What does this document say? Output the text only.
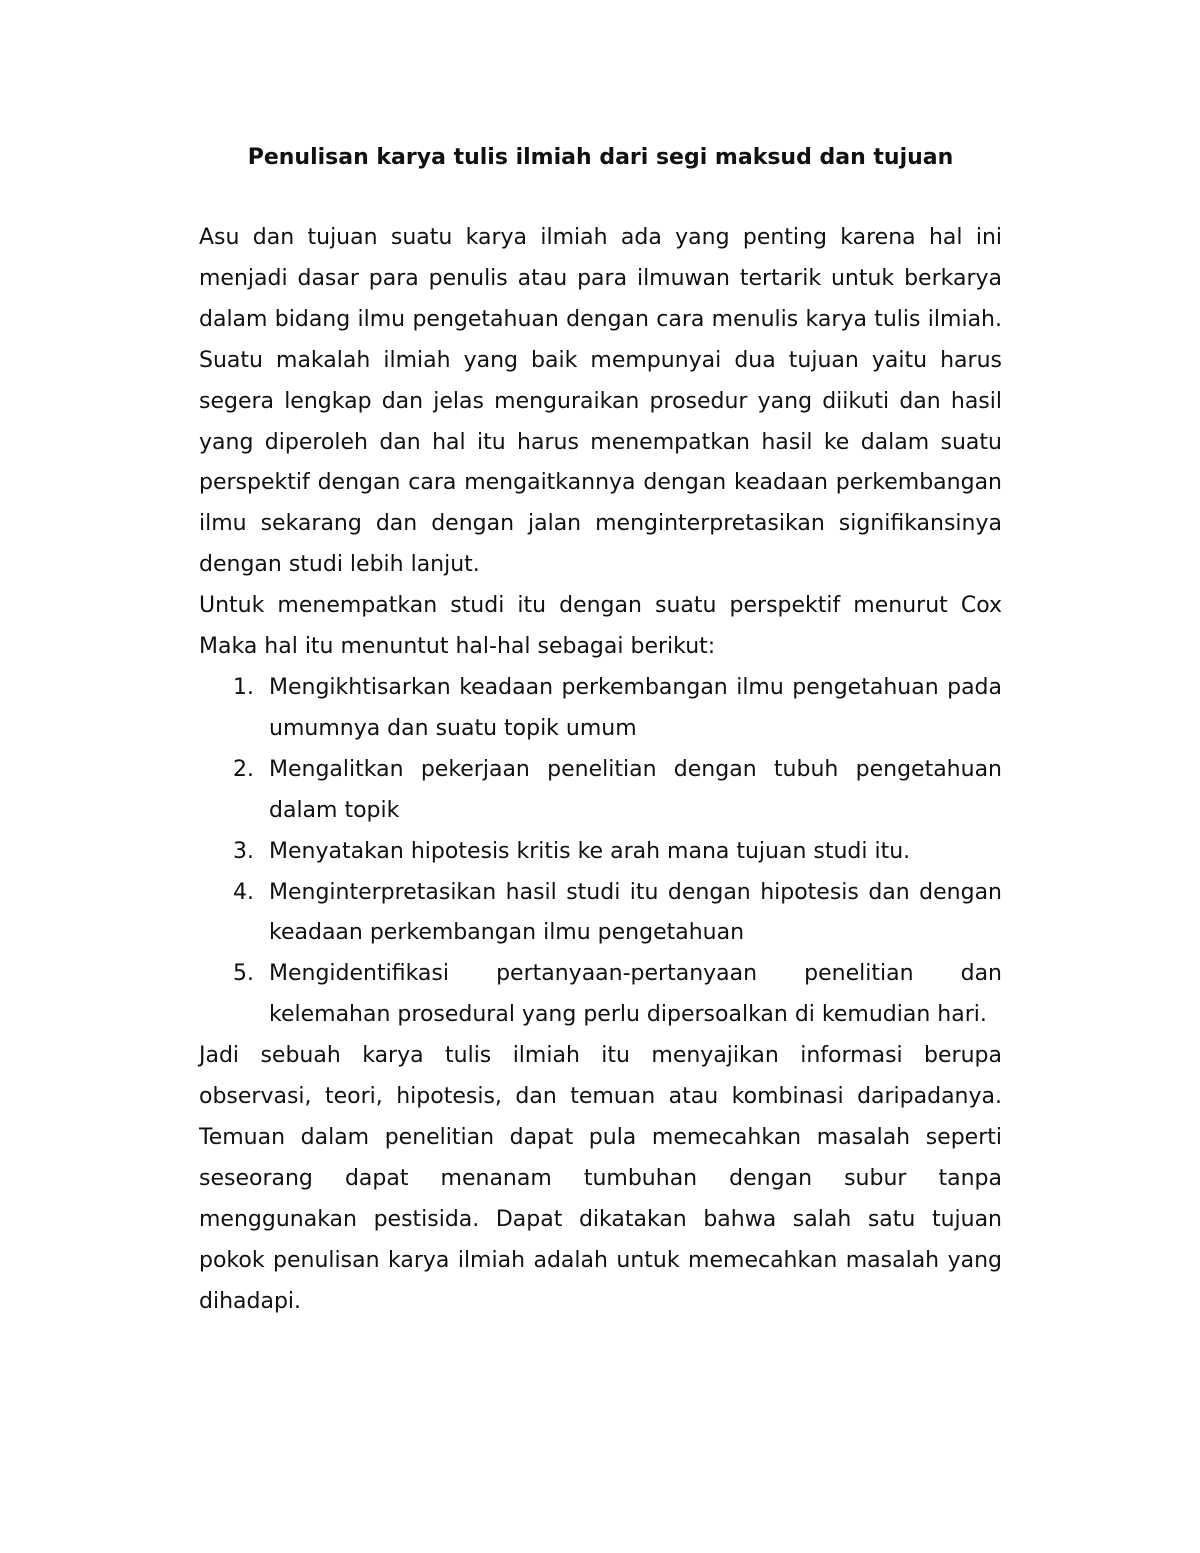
Penulisan karya tulis ilmiah dari segi maksud dan tujuan

Asu dan tujuan suatu karya ilmiah ada yang penting karena hal ini menjadi dasar para penulis atau para ilmuwan tertarik untuk berkarya dalam bidang ilmu pengetahuan dengan cara menulis karya tulis ilmiah. Suatu makalah ilmiah yang baik mempunyai dua tujuan yaitu harus segera lengkap dan jelas menguraikan prosedur yang diikuti dan hasil yang diperoleh dan hal itu harus menempatkan hasil ke dalam suatu perspektif dengan cara mengaitkannya dengan keadaan perkembangan ilmu sekarang dan dengan jalan menginterpretasikan signifikansinya dengan studi lebih lanjut.

Untuk menempatkan studi itu dengan suatu perspektif menurut Cox Maka hal itu menuntut hal-hal sebagai berikut:

1. Mengikhtisarkan keadaan perkembangan ilmu pengetahuan pada umumnya dan suatu topik umum
2. Mengalitkan pekerjaan penelitian dengan tubuh pengetahuan dalam topik
3. Menyatakan hipotesis kritis ke arah mana tujuan studi itu.
4. Menginterpretasikan hasil studi itu dengan hipotesis dan dengan keadaan perkembangan ilmu pengetahuan
5. Mengidentifikasi pertanyaan-pertanyaan penelitian dan kelemahan prosedural yang perlu dipersoalkan di kemudian hari.

Jadi sebuah karya tulis ilmiah itu menyajikan informasi berupa observasi, teori, hipotesis, dan temuan atau kombinasi daripadanya. Temuan dalam penelitian dapat pula memecahkan masalah seperti seseorang dapat menanam tumbuhan dengan subur tanpa menggunakan pestisida. Dapat dikatakan bahwa salah satu tujuan pokok penulisan karya ilmiah adalah untuk memecahkan masalah yang dihadapi.
